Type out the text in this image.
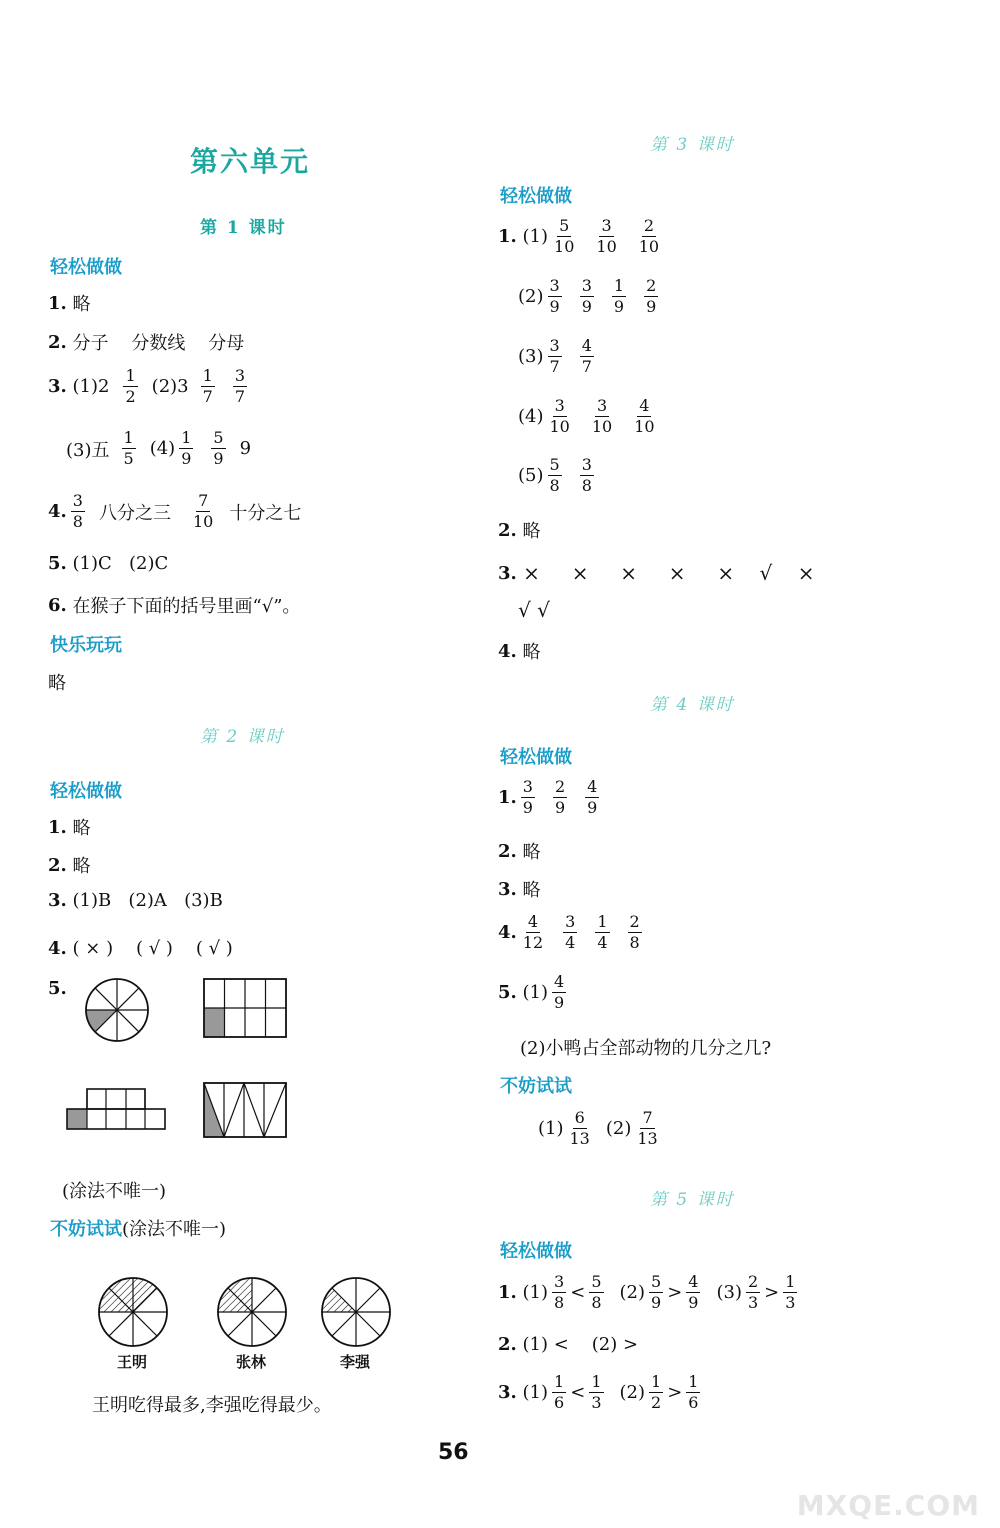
第六单元
第 1 课时
轻松做做
1.
略
2.
分子    分数线    分母
3.
$(1)2 \frac{1}{2} (2)3 \frac{1}{7} \frac{3}{7}$
(3)五 $\frac{1}{5} (4) \frac{1}{9} \frac{5}{9} 9$
4. $\frac{3}{8}$ 八分之三 $\frac{7}{10}$ 十分之七
5.
(1)C   (2)C
6.
在猴子下面的括号里画“√”。
快乐玩玩
略
第 2 课时
轻松做做
1.
略
2.
略
3.
(1)B   (2)A   (3)B
4.
( × )    ( √ )    ( √ )
5.
(涂法不唯一)
不妨试试 (涂法不唯一)
王明	张林	李强
王明吃得最多,李强吃得最少。
第 3 课时
轻松做做
1.
$(1) \frac{5}{10} \frac{3}{10} \frac{2}{10}$
$(2) \frac{3}{9} \frac{3}{9} \frac{1}{9} \frac{2}{9}$
$(3) \frac{3}{7} \frac{4}{7}$
$(4) \frac{3}{10} \frac{3}{10} \frac{4}{10}$
$(5) \frac{5}{8} \frac{3}{8}$
2.
略
3.
×     ×     ×     ×     ×    √    ×
√ √
4.
略
第 4 课时
轻松做做
1. $\frac{3}{9} \frac{2}{9} \frac{4}{9}$
2.
略
3.
略
4. $\frac{4}{12} \frac{3}{4} \frac{1}{4} \frac{2}{8}$
5.
$(1) \frac{4}{9}$
(2)小鸭占全部动物的几分之几?
不妨试试
$(1) \frac{6}{13} (2) \frac{7}{13}$
第 5 课时
轻松做做
1.
$(1) \frac{3}{8} < \frac{5}{8} (2) \frac{5}{9} > \frac{4}{9} (3) \frac{2}{3} > \frac{1}{3}$
2.
(1) <    (2) >
3.
$(1) \frac{1}{6} < \frac{1}{3} (2) \frac{1}{2} > \frac{1}{6}$
56
MXQE.COM
